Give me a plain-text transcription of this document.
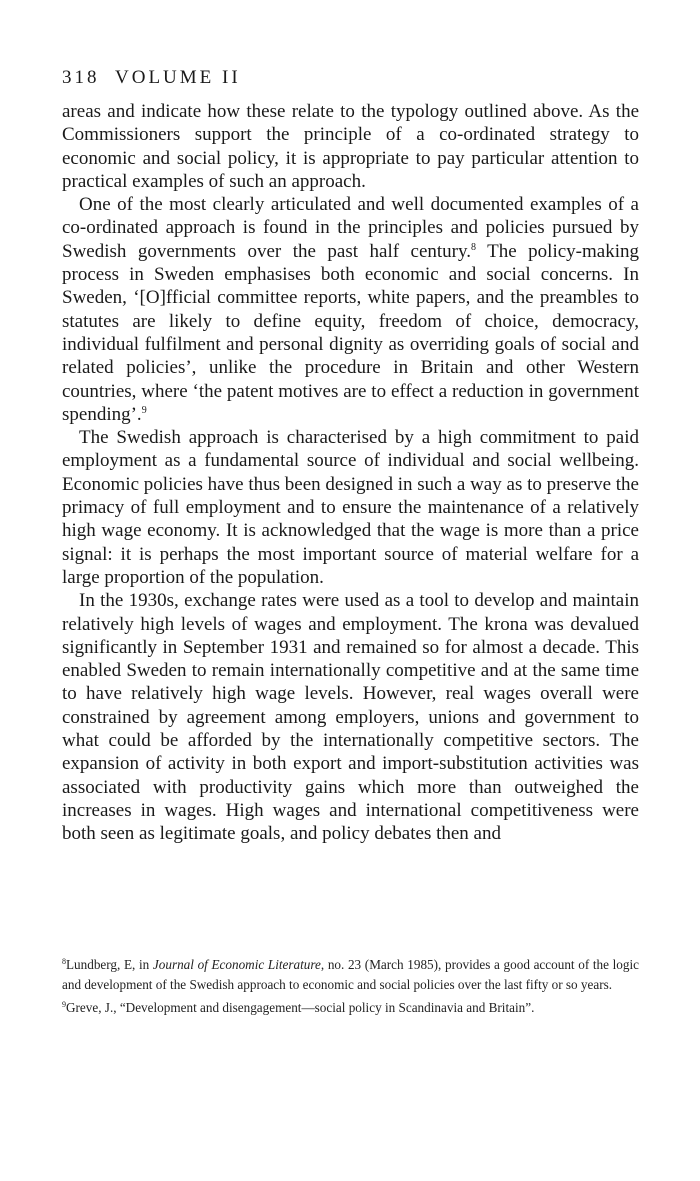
318 VOLUME II

areas and indicate how these relate to the typology outlined above. As the Commissioners support the principle of a co-ordinated strategy to economic and social policy, it is appropriate to pay particular attention to practical examples of such an approach.

One of the most clearly articulated and well documented examples of a co-ordinated approach is found in the principles and policies pursued by Swedish governments over the past half century.$^8$ The policy-making process in Sweden emphasises both economic and social concerns. In Sweden, ‘[O]fficial committee reports, white papers, and the preambles to statutes are likely to define equity, freedom of choice, democracy, individual fulfilment and personal dignity as overriding goals of social and related policies’, unlike the procedure in Britain and other Western countries, where ‘the patent motives are to effect a reduction in government spending’.$^9$

The Swedish approach is characterised by a high commitment to paid employment as a fundamental source of individual and social wellbeing. Economic policies have thus been designed in such a way as to preserve the primacy of full employment and to ensure the maintenance of a relatively high wage economy. It is acknowledged that the wage is more than a price signal: it is perhaps the most important source of material welfare for a large proportion of the population.

In the 1930s, exchange rates were used as a tool to develop and maintain relatively high levels of wages and employment. The krona was devalued significantly in September 1931 and remained so for almost a decade. This enabled Sweden to remain internationally competitive and at the same time to have relatively high wage levels. However, real wages overall were constrained by agreement among employers, unions and government to what could be afforded by the internationally competitive sectors. The expansion of activity in both export and import-substitution activities was associated with productivity gains which more than outweighed the increases in wages. High wages and international competitiveness were both seen as legitimate goals, and policy debates then and

$^8$Lundberg, E, in Journal of Economic Literature, no. 23 (March 1985), provides a good account of the logic and development of the Swedish approach to economic and social policies over the last fifty or so years.

$^9$Greve, J., “Development and disengagement—social policy in Scandinavia and Britain”.
